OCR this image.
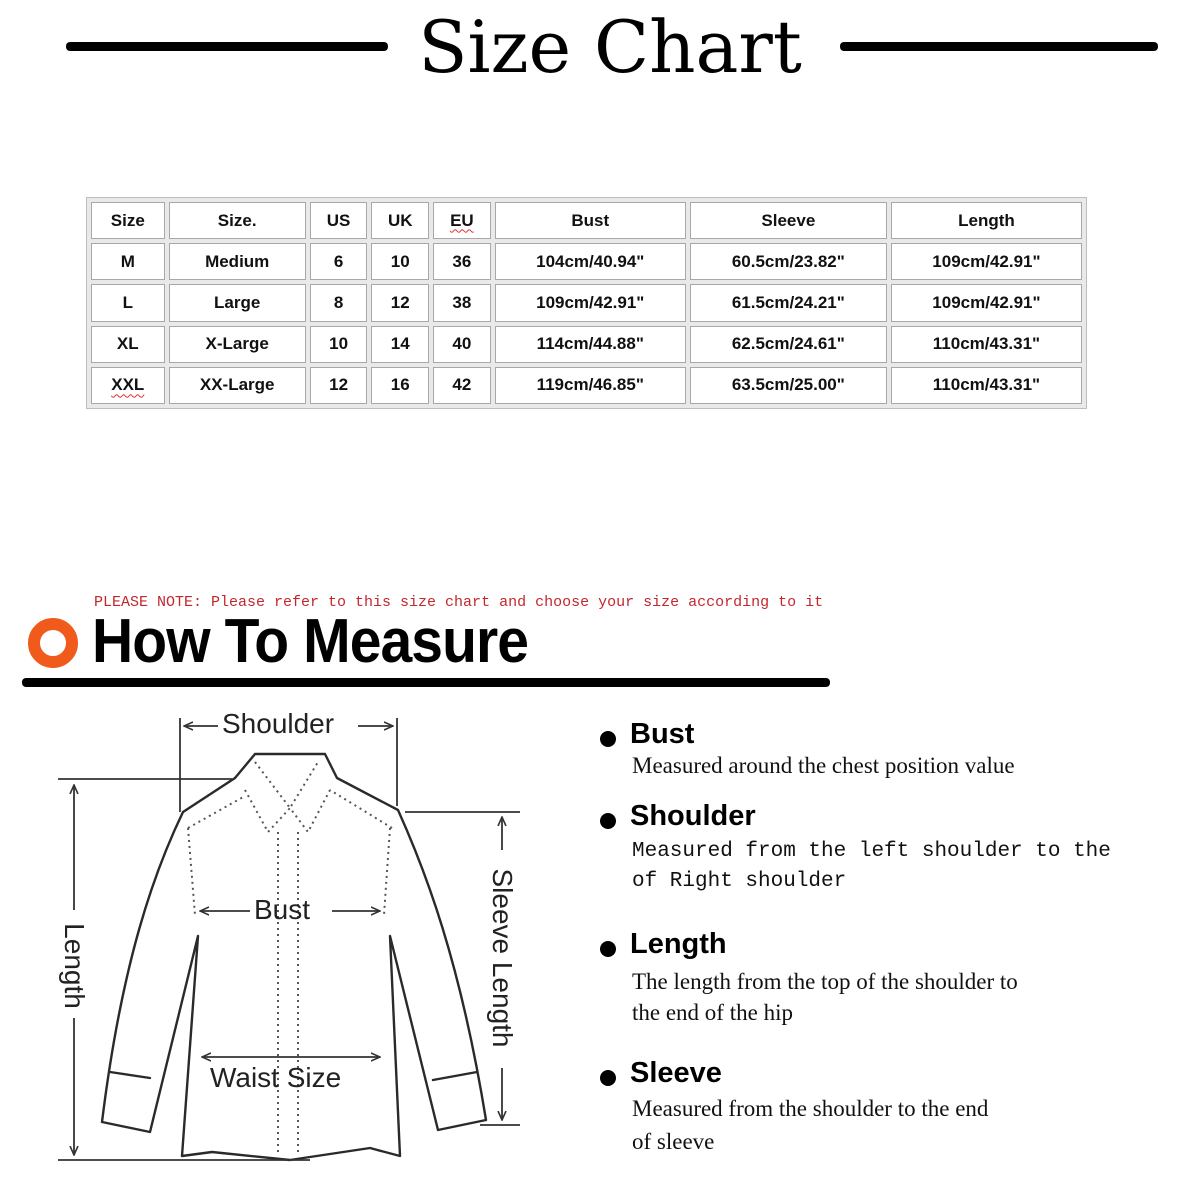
Size Chart
Size	Size.	US	UK	EU	Bust	Sleeve	Length
M	Medium	6	10	36	104cm/40.94"	60.5cm/23.82"	109cm/42.91"
L	Large	8	12	38	109cm/42.91"	61.5cm/24.21"	109cm/42.91"
XL	X-Large	10	14	40	114cm/44.88"	62.5cm/24.61"	110cm/43.31"
XXL	XX-Large	12	16	42	119cm/46.85"	63.5cm/25.00"	110cm/43.31"
PLEASE NOTE: Please refer to this size chart and choose your size according to it
How To Measure
Shoulder
Bust
Waist Size
Length	Sleeve Length
Bust
Measured around the chest position value
Shoulder
Measured from the left shoulder to the
of Right shoulder
Length
The length from the top of the shoulder to
the end of the hip
Sleeve
Measured from the shoulder to the end
of sleeve
